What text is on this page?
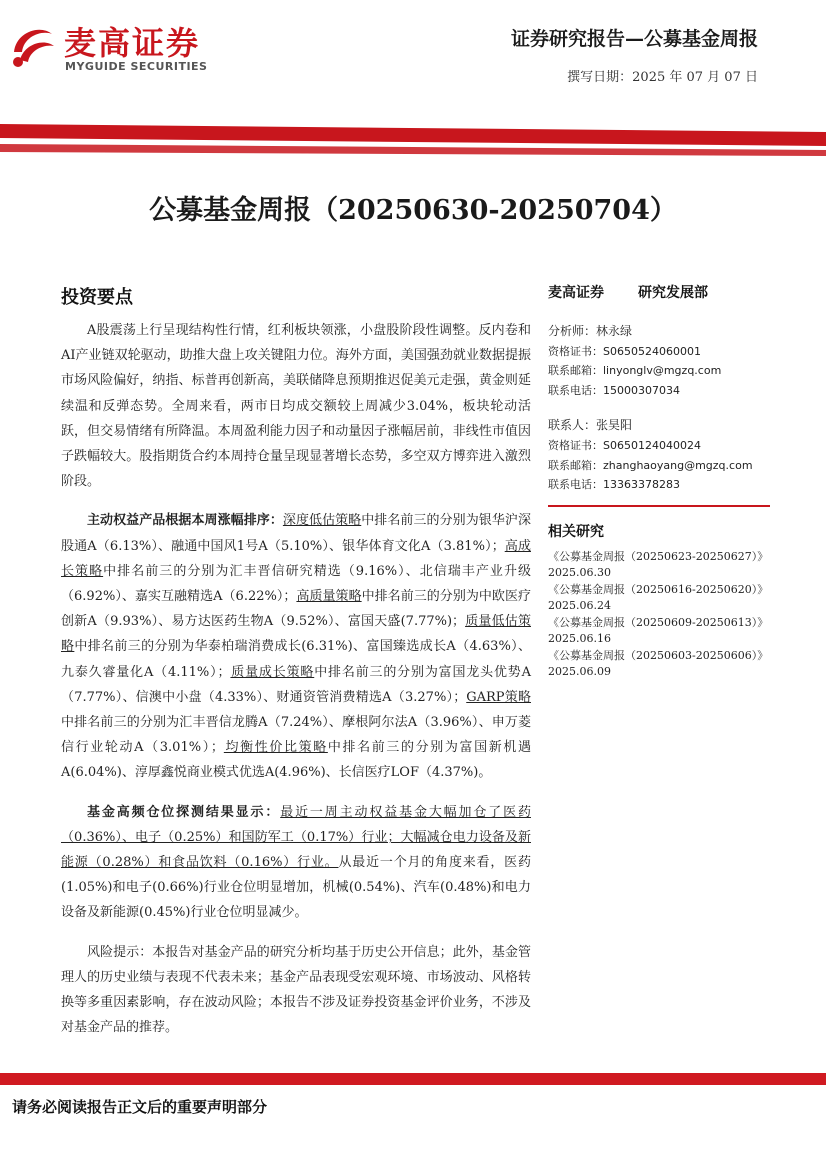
麦高证券
MYGUIDE SECURITIES
证券研究报告—公募基金周报
撰写日期：2025 年 07 月 07 日
公募基金周报（20250630-20250704）
投资要点

A股震荡上行呈现结构性行情，红利板块领涨，小盘股阶段性调整。反内卷和AI产业链双轮驱动，助推大盘上攻关键阻力位。海外方面，美国强劲就业数据提振市场风险偏好，纳指、标普再创新高，美联储降息预期推迟促美元走强，黄金则延续温和反弹态势。全周来看，两市日均成交额较上周减少3.04%，板块轮动活跃，但交易情绪有所降温。本周盈利能力因子和动量因子涨幅居前，非线性市值因子跌幅较大。股指期货合约本周持仓量呈现显著增长态势，多空双方博弈进入激烈阶段。

主动权益产品根据本周涨幅排序：深度低估策略中排名前三的分别为银华沪深股通A（6.13%）、融通中国风1号A（5.10%）、银华体育文化A（3.81%）；高成长策略中排名前三的分别为汇丰晋信研究精选（9.16%）、北信瑞丰产业升级（6.92%）、嘉实互融精选A（6.22%）；高质量策略中排名前三的分别为中欧医疗创新A（9.93%）、易方达医药生物A（9.52%）、富国天盛(7.77%)；质量低估策略中排名前三的分别为华泰柏瑞消费成长(6.31%)、富国臻选成长A（4.63%）、九泰久睿量化A（4.11%）；质量成长策略中排名前三的分别为富国龙头优势A（7.77%）、信澳中小盘（4.33%）、财通资管消费精选A（3.27%）；GARP策略中排名前三的分别为汇丰晋信龙腾A（7.24%）、摩根阿尔法A（3.96%）、申万菱信行业轮动A（3.01%）；均衡性价比策略中排名前三的分别为富国新机遇A(6.04%)、淳厚鑫悦商业模式优选A(4.96%)、长信医疗LOF（4.37%)。

基金高频仓位探测结果显示：最近一周主动权益基金大幅加仓了医药（0.36%）、电子（0.25%）和国防军工（0.17%）行业；大幅减仓电力设备及新能源（0.28%）和食品饮料（0.16%）行业。从最近一个月的角度来看，医药(1.05%)和电子(0.66%)行业仓位明显增加，机械(0.54%)、汽车(0.48%)和电力设备及新能源(0.45%)行业仓位明显减少。

风险提示：本报告对基金产品的研究分析均基于历史公开信息；此外，基金管理人的历史业绩与表现不代表未来；基金产品表现受宏观环境、市场波动、风格转换等多重因素影响，存在波动风险；本报告不涉及证券投资基金评价业务，不涉及对基金产品的推荐。

麦高证券 研究发展部
分析师：林永绿
资格证书：S0650524060001
联系邮箱：linyonglv@mgzq.com
联系电话：15000307034
联系人：张昊阳
资格证书：S0650124040024
联系邮箱：zhanghaoyang@mgzq.com
联系电话：13363378283
相关研究
《公募基金周报（20250623-20250627）》
2025.06.30
《公募基金周报（20250616-20250620）》
2025.06.24
《公募基金周报（20250609-20250613）》
2025.06.16
《公募基金周报（20250603-20250606）》
2025.06.09
请务必阅读报告正文后的重要声明部分
